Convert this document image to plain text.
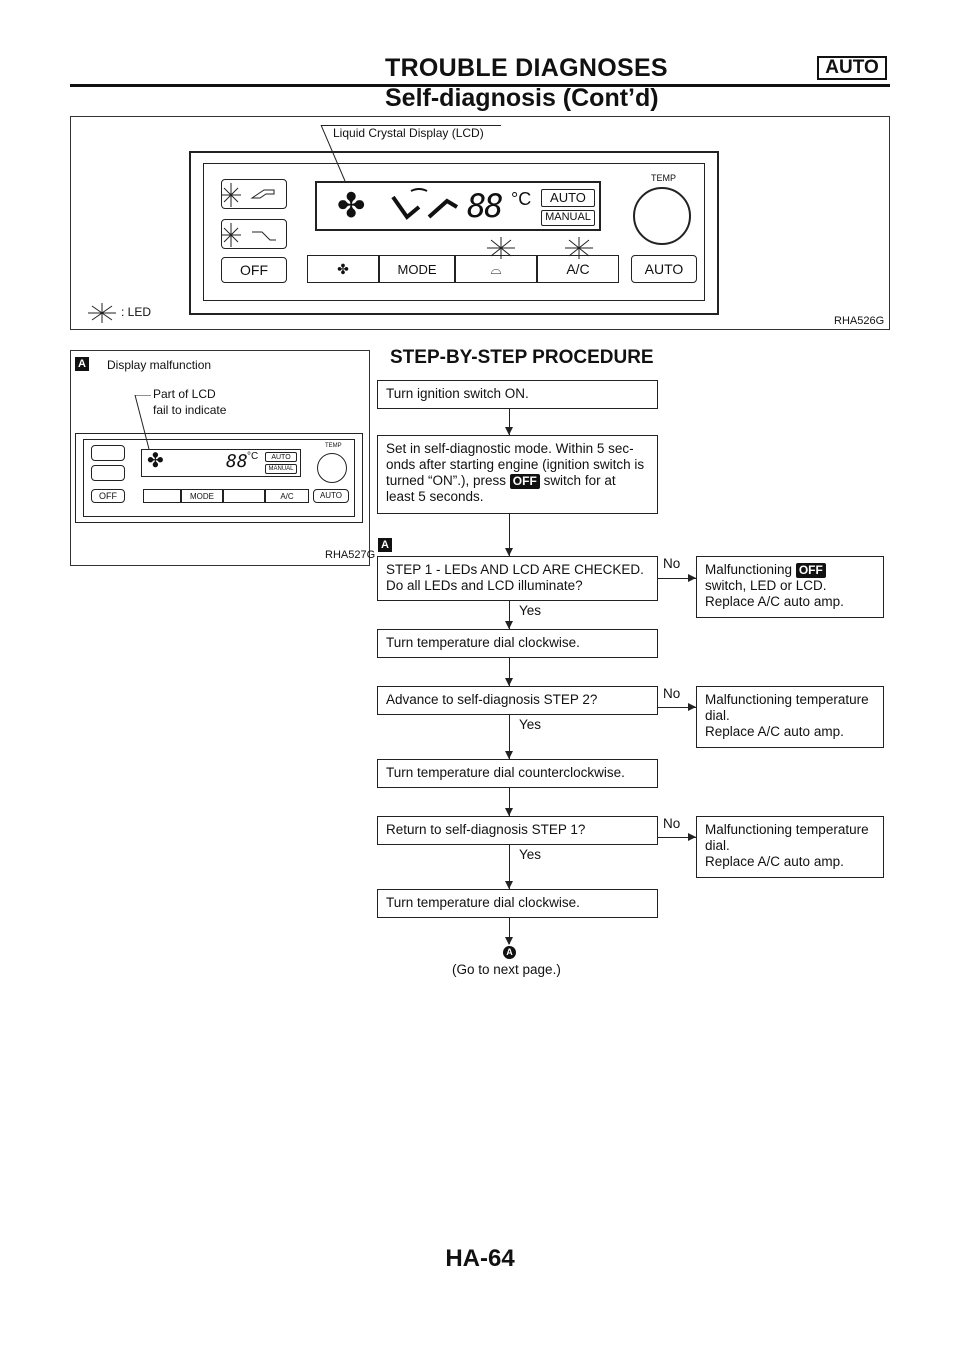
TROUBLE DIAGNOSES	AUTO
Self-diagnosis (Cont’d)
Liquid Crystal Display (LCD)
OFF
✤	88 °C	AUTO
MANUAL
✤	MODE	⌓	A/C
TEMP
AUTO
: LED
RHA526G
A Display malfunction
Part of LCD
fail to indicate
OFF
✤	88 °C	AUTO
MANUAL
MODE	A/C
TEMP
AUTO
RHA527G
STEP-BY-STEP PROCEDURE
Turn ignition switch ON.
Set in self-diagnostic mode. Within 5 sec-
onds after starting engine (ignition switch is
turned “ON”.), press OFF switch for at
least 5 seconds.
A
STEP 1 - LEDs AND LCD ARE CHECKED.
Do all LEDs and LCD illuminate?
No Malfunctioning OFF
switch, LED or LCD.
Replace A/C auto amp.
Yes
Turn temperature dial clockwise.
Advance to self-diagnosis STEP 2?	No Malfunctioning temperature
dial.
Replace A/C auto amp.
Yes
Turn temperature dial counterclockwise.
Return to self-diagnosis STEP 1?	No Malfunctioning temperature
dial.
Replace A/C auto amp.
Yes
Turn temperature dial clockwise.
A
(Go to next page.)
HA-64
